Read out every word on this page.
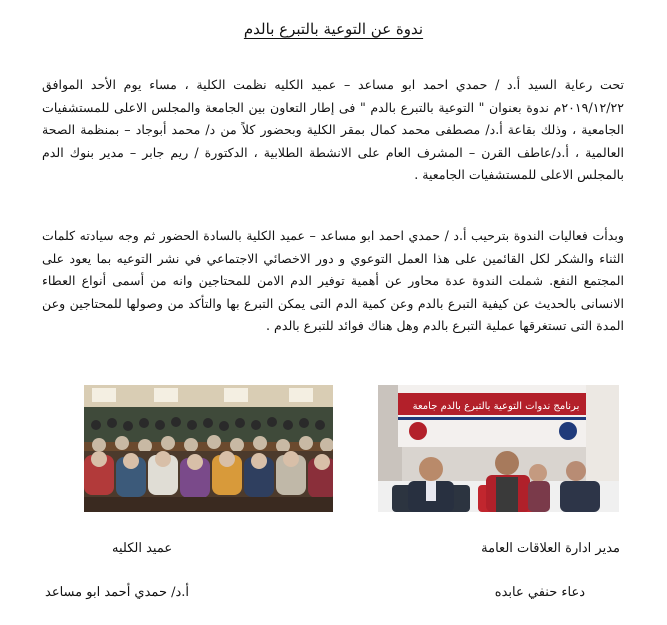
ندوة عن التوعية بالتبرع بالدم
تحت رعاية السيد أ.د / حمدي احمد ابو مساعد – عميد الكليه نظمت الكلية ، مساء يوم الأحد الموافق ٢٠١٩/١٢/٢٢م ندوة بعنوان " التوعية بالتبرع بالدم " فى إطار التعاون بين الجامعة والمجلس الاعلى للمستشفيات الجامعية ، وذلك بقاعة أ.د/ مصطفى محمد كمال بمقر الكلية وبحضور كلاً من د/ محمد أبوجاد – بمنظمة الصحة العالمية ، أ.د/عاطف القرن – المشرف العام على الانشطة الطلابية ، الدكتورة / ريم جابر – مدير بنوك الدم بالمجلس الاعلى للمستشفيات الجامعية .
وبدأت فعاليات الندوة بترحيب أ.د / حمدي احمد ابو مساعد – عميد الكلية بالسادة الحضور ثم وجه سيادته كلمات الثناء والشكر لكل القائمين على هذا العمل التوعوي و دور الاخصائي الاجتماعي في نشر التوعيه بما يعود على المجتمع النفع. شملت الندوة عدة محاور عن أهمية توفير الدم الامن للمحتاجين وانه من أسمى أنواع العطاء الانسانى بالحديث عن كيفية التبرع بالدم وعن كمية الدم التى يمكن التبرع بها والتأكد من وصولها للمحتاجين وعن المدة التى تستغرقها عملية التبرع بالدم وهل هناك فوائد للتبرع بالدم .
برنامج ندوات التوعية بالتبرع بالدم جامعة
مدير ادارة العلاقات العامة
عميد الكليه
دعاء حنفي عابده
أ.د/ حمدي أحمد ابو مساعد
